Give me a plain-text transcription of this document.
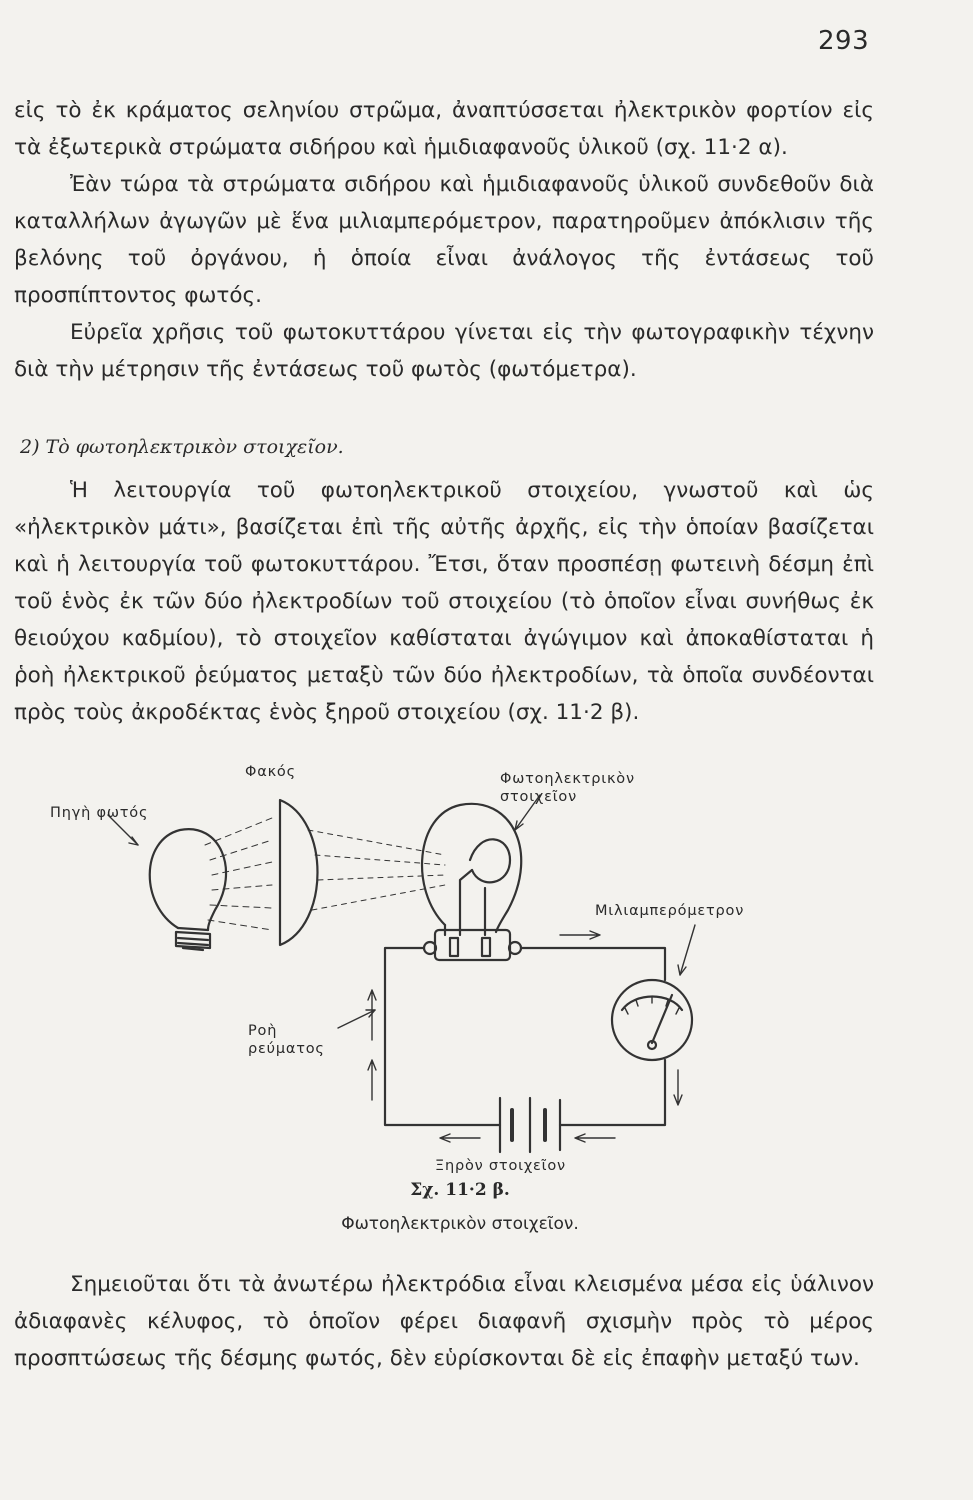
293

εἰς τὸ ἐκ κράματος σεληνίου στρῶμα, ἀναπτύσσεται ἠλεκτρικὸν φορτίον εἰς τὰ ἐξωτερικὰ στρώματα σιδήρου καὶ ἡμιδιαφανοῦς ὑλικοῦ (σχ. 11·2 α).

Ἐὰν τώρα τὰ στρώματα σιδήρου καὶ ἡμιδιαφανοῦς ὑλικοῦ συνδεθοῦν διὰ καταλλήλων ἀγωγῶν μὲ ἕνα μιλιαμπερόμετρον, παρατηροῦμεν ἀπόκλισιν τῆς βελόνης τοῦ ὀργάνου, ἡ ὁποία εἶναι ἀνάλογος τῆς ἐντάσεως τοῦ προσπίπτοντος φωτός.

Εὐρεῖα χρῆσις τοῦ φωτοκυττάρου γίνεται εἰς τὴν φωτογραφικὴν τέχνην διὰ τὴν μέτρησιν τῆς ἐντάσεως τοῦ φωτὸς (φωτόμετρα).

2) Τὸ φωτοηλεκτρικὸν στοιχεῖον.

Ἡ λειτουργία τοῦ φωτοηλεκτρικοῦ στοιχείου, γνωστοῦ καὶ ὡς «ἠλεκτρικὸν μάτι», βασίζεται ἐπὶ τῆς αὐτῆς ἀρχῆς, εἰς τὴν ὁποίαν βασίζεται καὶ ἡ λειτουργία τοῦ φωτοκυττάρου. Ἔτσι, ὅταν προσπέσῃ φωτεινὴ δέσμη ἐπὶ τοῦ ἑνὸς ἐκ τῶν δύο ἠλεκτροδίων τοῦ στοιχείου (τὸ ὁποῖον εἶναι συνήθως ἐκ θειούχου καδμίου), τὸ στοιχεῖον καθίσταται ἀγώγιμον καὶ ἀποκαθίσταται ἡ ῥοὴ ἠλεκτρικοῦ ῥεύματος μεταξὺ τῶν δύο ἠλεκτροδίων, τὰ ὁποῖα συνδέονται πρὸς τοὺς ἀκροδέκτας ἑνὸς ξηροῦ στοιχείου (σχ. 11·2 β).

Πηγὴ φωτός
Φακός	Φωτοηλεκτρικὸν στοιχεῖον
Μιλιαμπερόμετρον
Ροὴ ρεύματος
Ξηρὸν στοιχεῖον
Σχ. 11·2 β.
Φωτοηλεκτρικὸν στοιχεῖον.

Σημειοῦται ὅτι τὰ ἀνωτέρω ἠλεκτρόδια εἶναι κλεισμένα μέσα εἰς ὑάλινον ἀδιαφανὲς κέλυφος, τὸ ὁποῖον φέρει διαφανῆ σχισμὴν πρὸς τὸ μέρος προσπτώσεως τῆς δέσμης φωτός, δὲν εὑρίσκονται δὲ εἰς ἐπαφὴν μεταξύ των.
